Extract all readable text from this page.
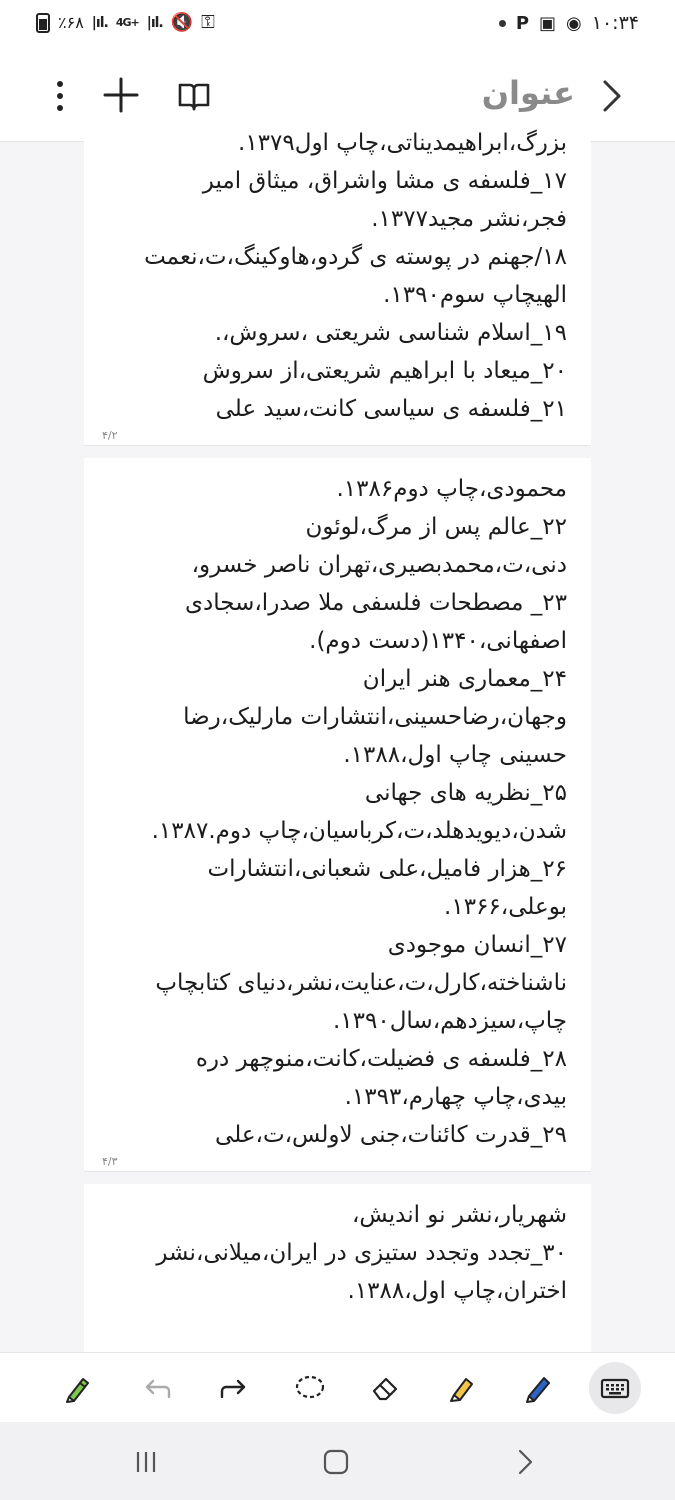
٪۶۸ |ıl. 4G+ |ıl. 🔇 ⚿	P ▣ ◉ ۱۰:۳۴
عنوان
بزرگ،ابراهیمدیناتی،چاپ اول۱۳۷۹.
۱۷_فلسفه ی مشا واشراق، میثاق امیر
فجر،نشر مجید۱۳۷۷.
۱۸/جهنم در پوسته ی گردو،هاوکینگ،ت،نعمت
الهیچاپ سوم۱۳۹۰.
۱۹_اسلام شناسی شریعتی ،سروش،.
۲۰_میعاد با ابراهیم شریعتی،از سروش
۲۱_فلسفه ی سیاسی کانت،سید علی
۴/۲
محمودی،چاپ دوم۱۳۸۶.
۲۲_عالم پس از مرگ،لوئون
دنی،ت،محمدبصیری،تهران ناصر خسرو،
۲۳_ مصطحات فلسفی ملا صدرا،سجادی
اصفهانی،۱۳۴۰(دست دوم).
۲۴_معماری هنر ایران
وجهان،رضاحسینی،انتشارات مارلیک،رضا
حسینی چاپ اول،۱۳۸۸.
۲۵_نظریه های جهانی
شدن،دیویدهلد،ت،کرباسیان،چاپ دوم.۱۳۸۷.
۲۶_هزار فامیل،علی شعبانی،انتشارات
بوعلی،۱۳۶۶.
۲۷_انسان موجودی
ناشناخته،کارل،ت،عنایت،نشر،دنیای کتابچاپ
چاپ،سیزدهم،سال۱۳۹۰.
۲۸_فلسفه ی فضیلت،کانت،منوچهر دره
بیدی،چاپ چهارم،۱۳۹۳.
۲۹_قدرت کائنات،جنی لاولس،ت،علی
۴/۳
شهریار،نشر نو اندیش،
۳۰_تجدد وتجدد ستیزی در ایران،میلانی،نشر
اختران،چاپ اول،۱۳۸۸.
